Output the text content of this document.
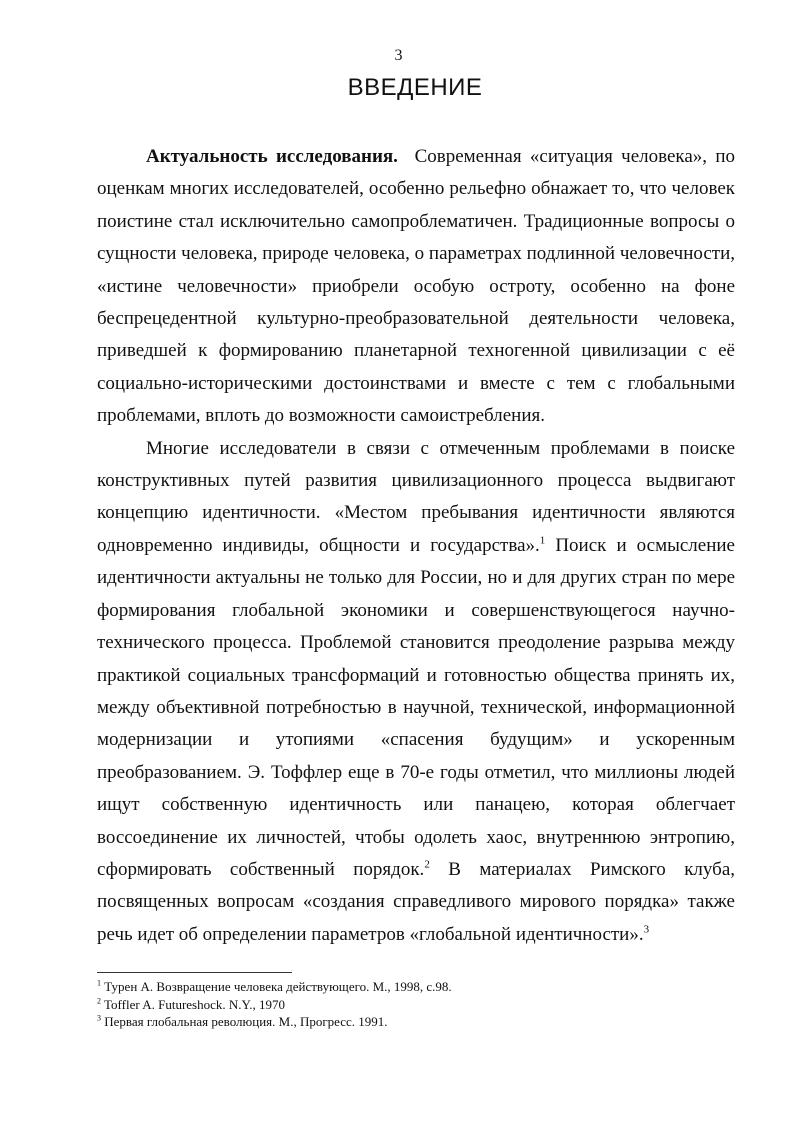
3
ВВЕДЕНИЕ

Актуальность исследования. Современная «ситуация человека», по оценкам многих исследователей, особенно рельефно обнажает то, что человек поистине стал исключительно самопроблематичен. Традиционные вопросы о сущности человека, природе человека, о параметрах подлинной человечности, «истине человечности» приобрели особую остроту, особенно на фоне беспрецедентной культурно-преобразовательной деятельности человека, приведшей к формированию планетарной техногенной цивилизации с её социально-историческими достоинствами и вместе с тем с глобальными проблемами, вплоть до возможности самоистребления.

Многие исследователи в связи с отмеченным проблемами в поиске конструктивных путей развития цивилизационного процесса выдвигают концепцию идентичности. «Местом пребывания идентичности являются одновременно индивиды, общности и государства».$^1$ Поиск и осмысление идентичности актуальны не только для России, но и для других стран по мере формирования глобальной экономики и совершенствующегося научно-технического процесса. Проблемой становится преодоление разрыва между практикой социальных трансформаций и готовностью общества принять их, между объективной потребностью в научной, технической, информационной модернизации и утопиями «спасения будущим» и ускоренным преобразованием. Э. Тоффлер еще в 70-е годы отметил, что миллионы людей ищут собственную идентичность или панацею, которая облегчает воссоединение их личностей, чтобы одолеть хаос, внутреннюю энтропию, сформировать собственный порядок.$^2$ В материалах Римского клуба, посвященных вопросам «создания справедливого мирового порядка» также речь идет об определении параметров «глобальной идентичности».$^3$

$^1$ Турен А. Возвращение человека действующего. М., 1998, с.98.

$^2$ Toffler A. Futureshock. N.Y., 1970

$^3$ Первая глобальная революция. М., Прогресс. 1991.
